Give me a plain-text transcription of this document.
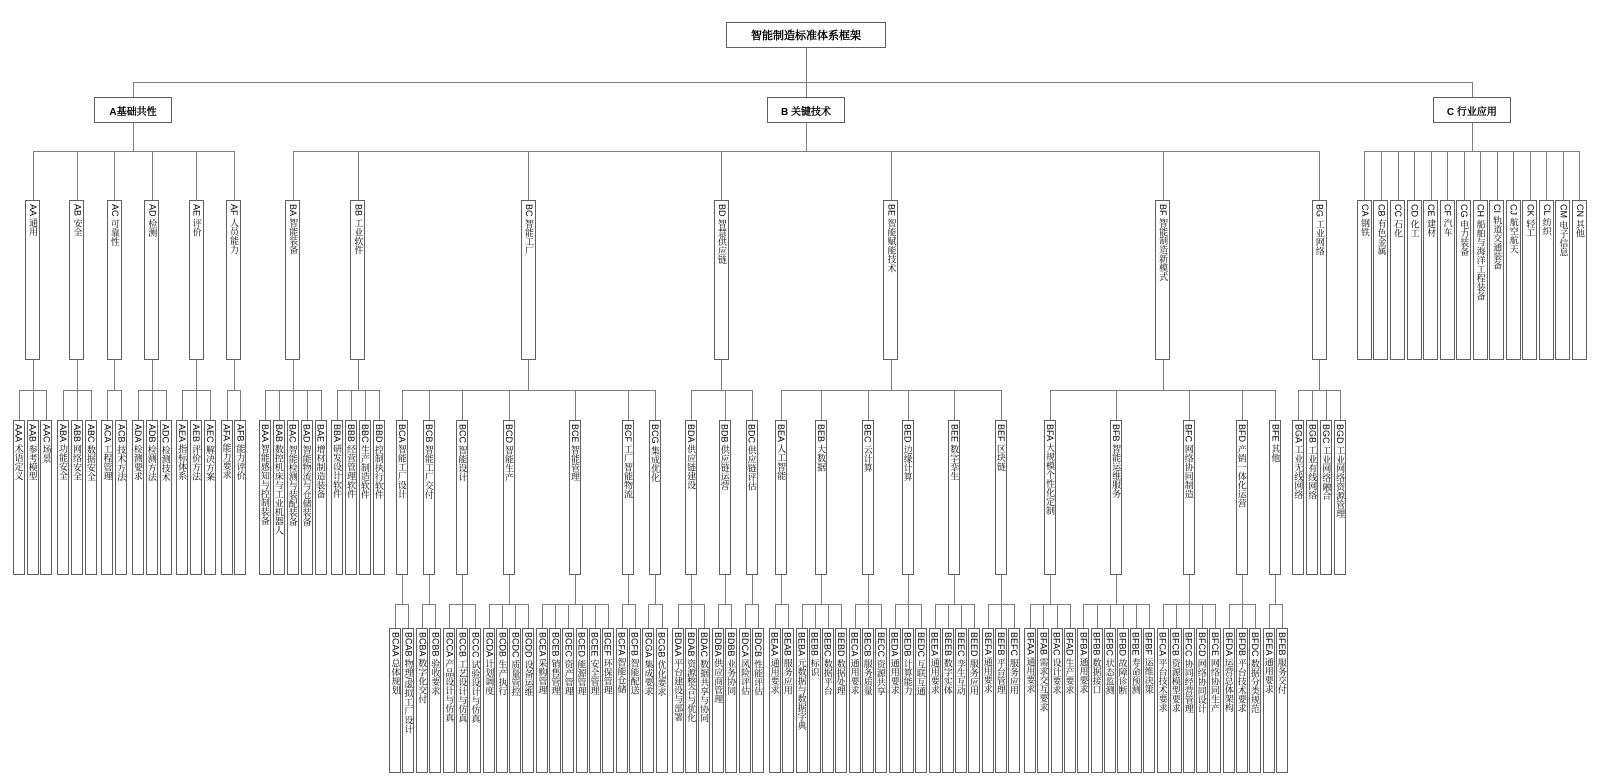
智能制造标准体系框架
A基础共性
AA 通用
AAA 术语定义 AAB 参考模型 AAC 场景
AB 安全
ABA 功能安全 ABB 网络安全 ABC 数据安全
AC 可靠性
ACA 工程管理 ACB 技术方法
AD 检测
ADA 检测要求 ADB 检测方法 ADC 检测技术
AE 评价
AEA 指标体系 AEB 评价方法 AEC 解决方案
AF 人员能力
AFA 能力要求 AFB 能力评价
B 关键技术
BA 智能装备
BAA 智能感知与控制装备 BAB 数控机床与工业机器人 BAC 智能检测与装配装备 BAD 智能物流与仓储装备 BAE 增材制造装备
BB 工业软件
BBA 研发设计软件 BBB 经营管理软件 BBC 生产制造软件 BBD 控制执行软件
BC 智能工厂
BCA 智能工厂设计
BCAA 总体规划 BCAB 物理/虚拟工厂设计
BCB 智能工厂交付
BCBA 数字化交付 BCBB 验收要求
BCC 智能设计
BCCA 产品设计与仿真 BCCB 工艺设计与仿真 BCCC 试验设计与仿真
BCD 智能生产
BCDA 计划调度 BCDB 生产执行 BCDC 质量管控 BCDD 设备运维
BCE 智能管理
BCEA 采购管理 BCEB 销售管理 BCEC 资产管理 BCED 能源管理 BCEE 安全管理 BCEF 环保管理
BCF 工厂智能物流
BCFA 智能仓储 BCFB 智能配送
BCG 集成优化
BCGA 集成要求 BCGB 优化要求
BD 智慧供应链
BDA 供应链建设
BDAA 平台建设与部署 BDAB 资源整合与优化 BDAC 数据共享与协同
BDB 供应链运营
BDBA 供应商管理 BDBB 业务协同
BDC 供应链评估
BDCA 风险评估 BDCB 性能评估
BE 智能赋能技术
BEA 人工智能
BEAA 通用要求 BEAB 服务应用
BEB 大数据
BEBA 元数据与数据字典 BEBB 标识 BEBC 数据平台 BEBD 数据处理
BEC 云计算
BECA 通用要求 BECB 服务质量 BECC 资源共享
BED 边缘计算
BEDA 通用要求 BEDB 计算能力 BEDC 互联互通
BEE 数字孪生
BEEA 通用要求 BEEB 数字实体 BEEC 孪生互动 BEED 服务应用
BEF 区块链
BEFA 通用要求 BEFB 平台管理 BEFC 服务应用
BF 智能制造新模式
BFA 大规模个性化定制
BFAA 通用要求 BFAB 需求交互要求 BFAC 设计要求 BFAD 生产要求
BFB 智能运维服务
BFBA 通用要求 BFBB 数据接口 BFBC 状态监测 BFBD 故障诊断 BFBE 寿命预测 BFBF 运维决策
BFC 网络协同制造
BFCA 平台技术要求 BFCB 资源模型要求 BFCC 协同经营管理 BFCD 网络协同设计 BFCE 网络协同生产
BFD 产销一体化运营
BFDA 运营总体架构 BFDB 平台技术要求 BFDC 数据分类规范
BFE 其他
BFEA 通用要求 BFEB 服务交付
BG 工业网络
BGA 工业无线网络 BGB 工业有线网络 BGC 工业网络融合 BGD 工业网络资源管理
C 行业应用
CA 钢铁 CB 有色金属 CC 石化 CD 化工 CE 建材 CF 汽车 CG 电力装备 CH 船舶与海洋工程装备 CI 轨道交通装备 CJ 航空航天 CK 轻工 CL 纺织 CM 电子信息 CN 其他
